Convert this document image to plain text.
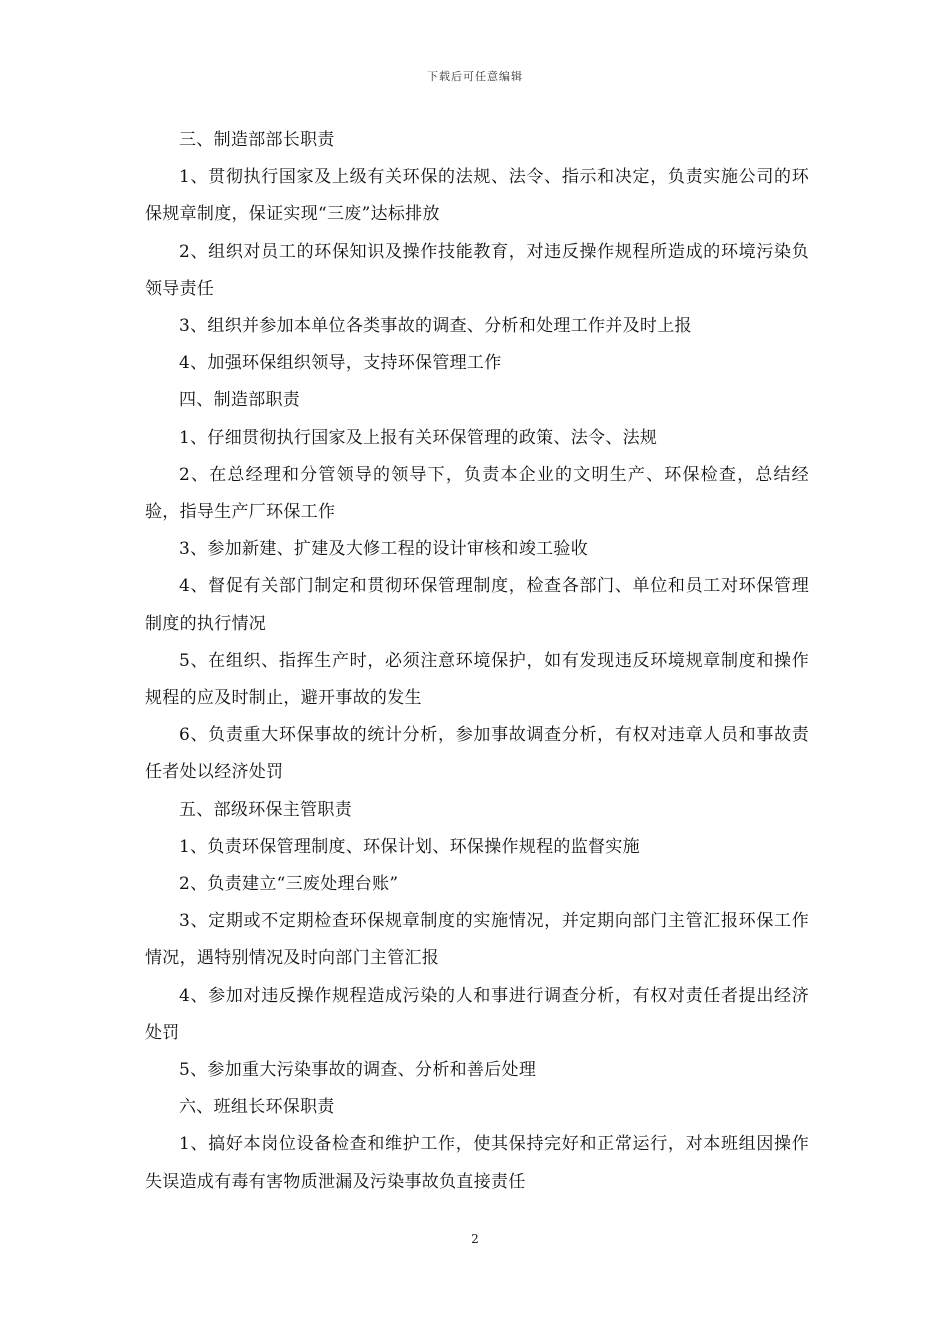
下载后可任意编辑

三、制造部部长职责

1、贯彻执行国家及上级有关环保的法规、法令、指示和决定，负责实施公司的环保规章制度，保证实现“三废”达标排放

2、组织对员工的环保知识及操作技能教育，对违反操作规程所造成的环境污染负领导责任

3、组织并参加本单位各类事故的调查、分析和处理工作并及时上报

4、加强环保组织领导，支持环保管理工作

四、制造部职责

1、仔细贯彻执行国家及上报有关环保管理的政策、法令、法规

2、在总经理和分管领导的领导下，负责本企业的文明生产、环保检查，总结经验，指导生产厂环保工作

3、参加新建、扩建及大修工程的设计审核和竣工验收

4、督促有关部门制定和贯彻环保管理制度，检查各部门、单位和员工对环保管理制度的执行情况

5、在组织、指挥生产时，必须注意环境保护，如有发现违反环境规章制度和操作规程的应及时制止，避开事故的发生

6、负责重大环保事故的统计分析，参加事故调查分析，有权对违章人员和事故责任者处以经济处罚

五、部级环保主管职责

1、负责环保管理制度、环保计划、环保操作规程的监督实施

2、负责建立“三废处理台账”

3、定期或不定期检查环保规章制度的实施情况，并定期向部门主管汇报环保工作情况，遇特别情况及时向部门主管汇报

4、参加对违反操作规程造成污染的人和事进行调查分析，有权对责任者提出经济处罚

5、参加重大污染事故的调查、分析和善后处理

六、班组长环保职责

1、搞好本岗位设备检查和维护工作，使其保持完好和正常运行，对本班组因操作失误造成有毒有害物质泄漏及污染事故负直接责任

2
